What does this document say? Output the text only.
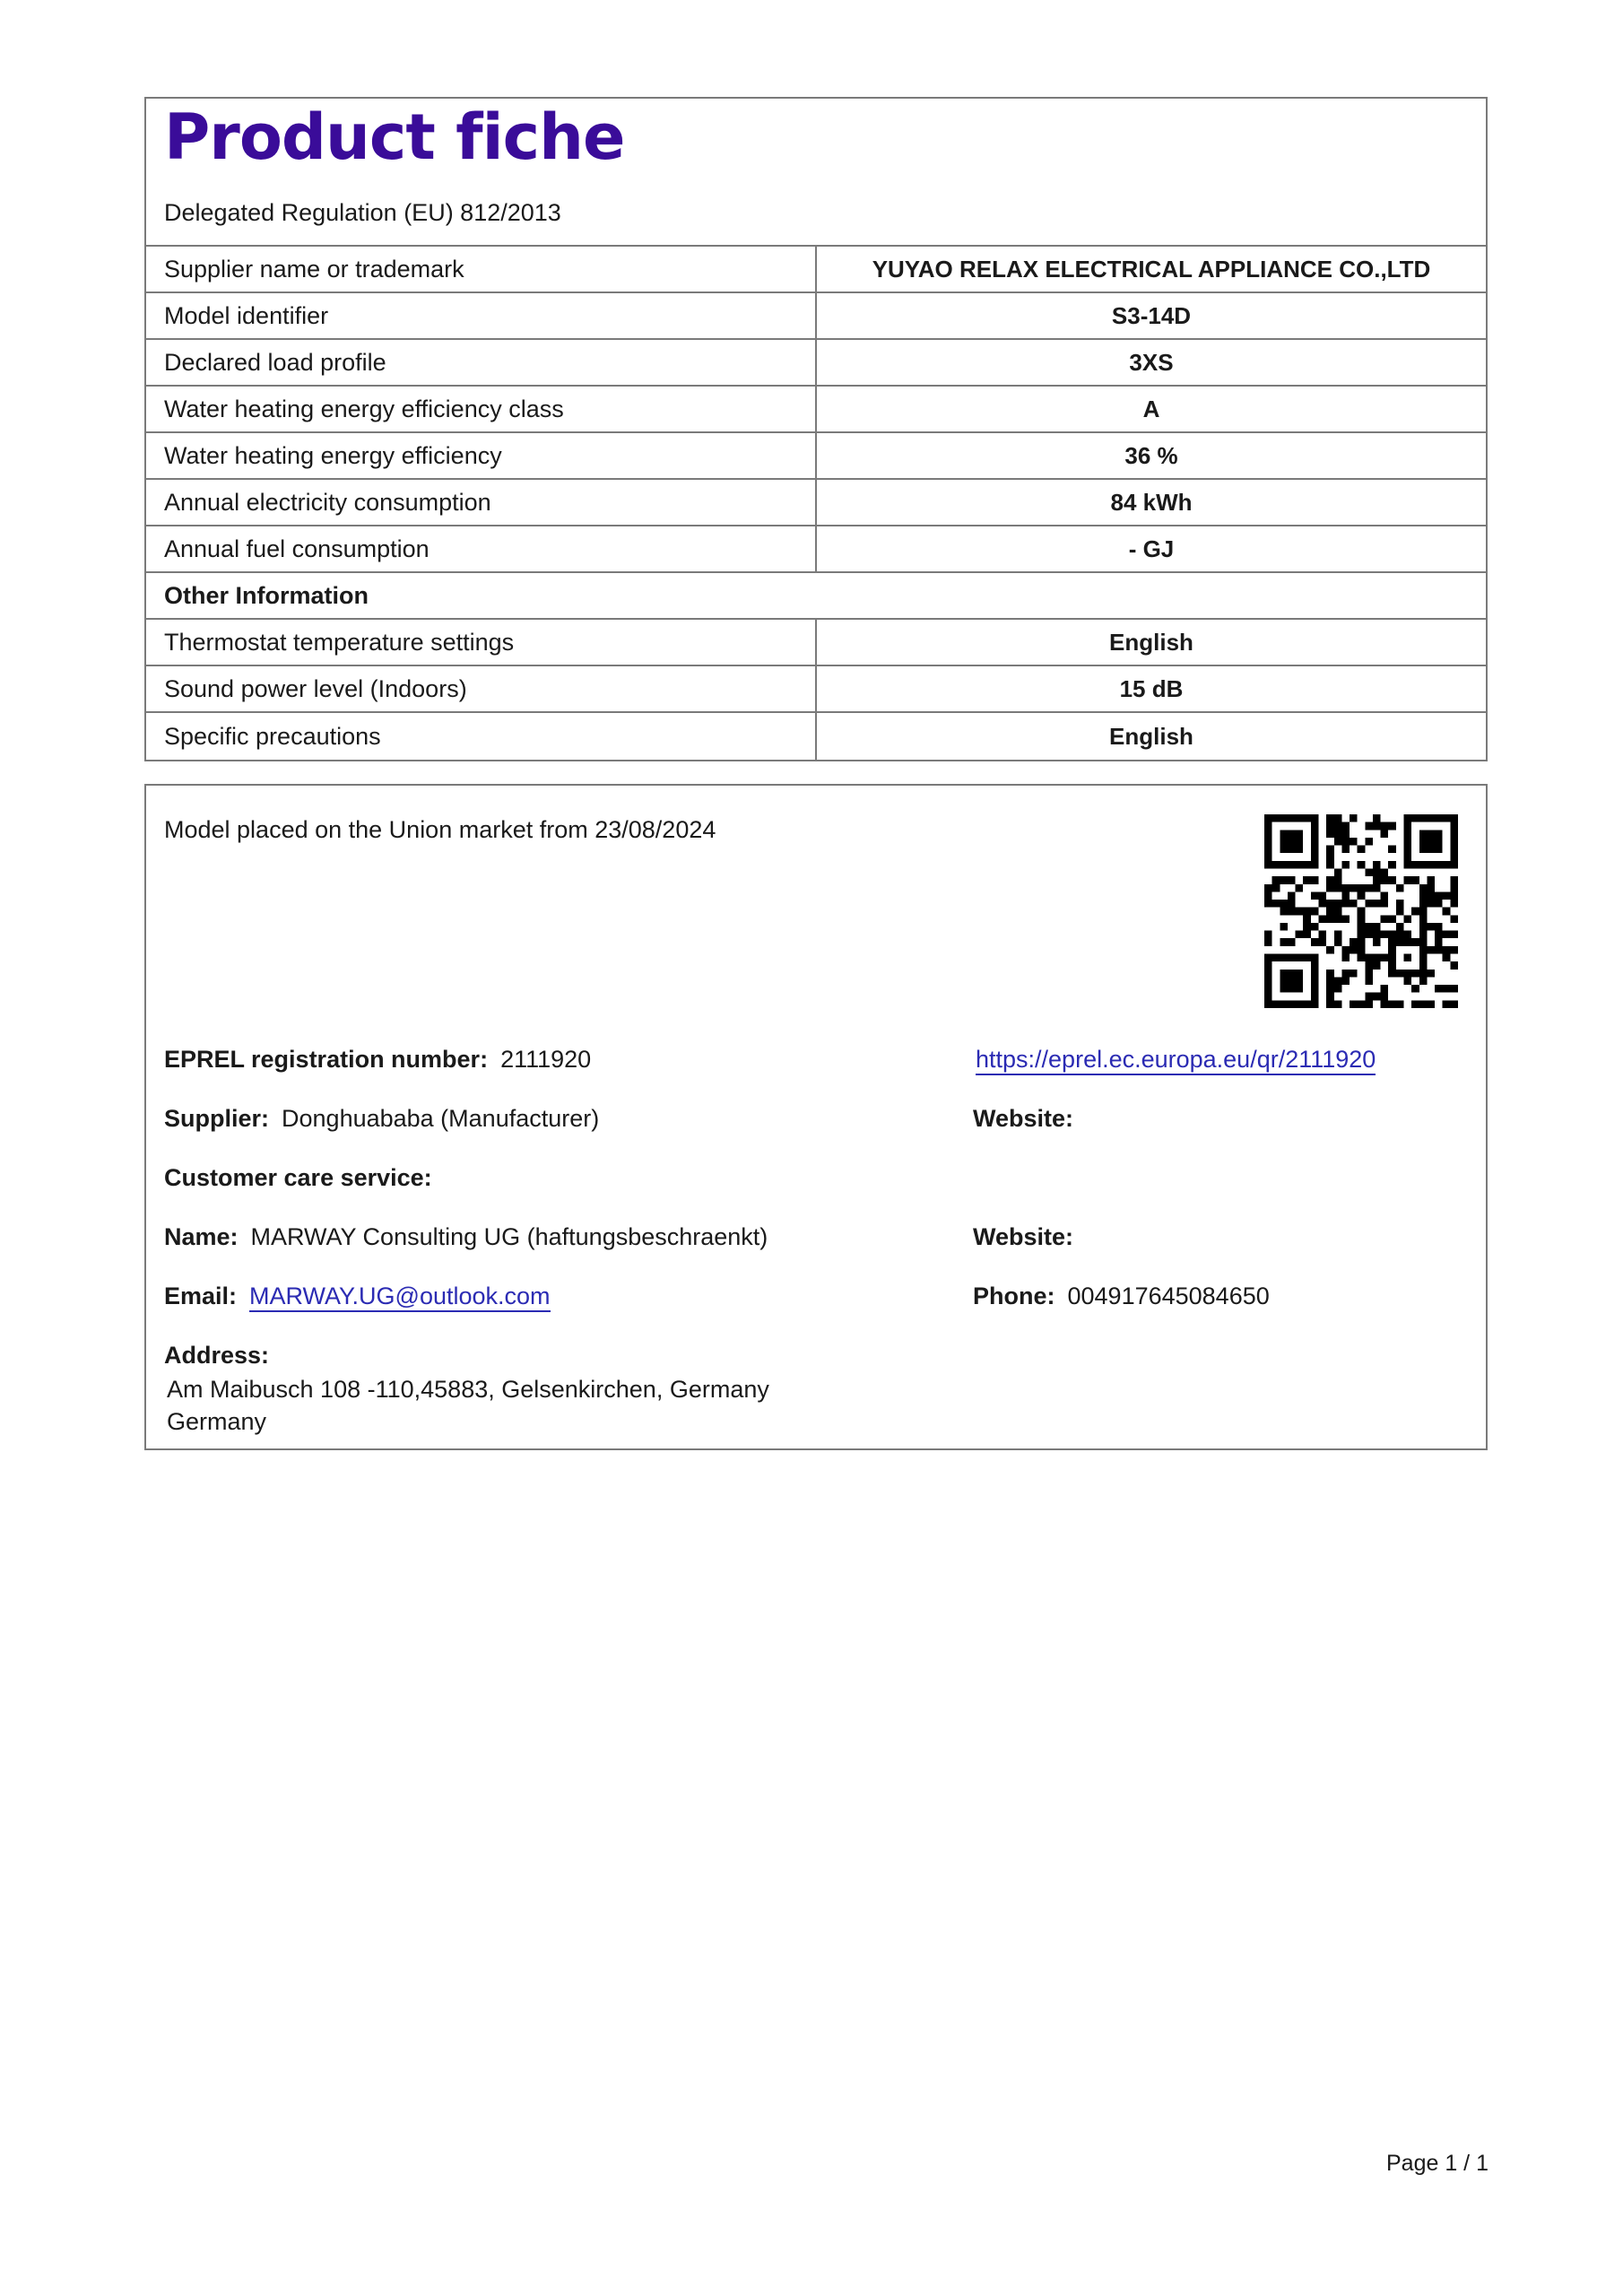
Product fiche
Delegated Regulation (EU) 812/2013
Supplier name or trademark	YUYAO RELAX ELECTRICAL APPLIANCE CO.,LTD
Model identifier	S3-14D
Declared load profile	3XS
Water heating energy efficiency class	A
Water heating energy efficiency	36 %
Annual electricity consumption	84 kWh
Annual fuel consumption	- GJ
Other Information
Thermostat temperature settings	English
Sound power level (Indoors)	15 dB
Specific precautions	English
Model placed on the Union market from 23/08/2024
EPREL registration number: 2111920	https://eprel.ec.europa.eu/qr/2111920
Supplier: Donghuababa (Manufacturer)	Website:
Customer care service:
Name: MARWAY Consulting UG (haftungsbeschraenkt)	Website:
Email: MARWAY.UG@outlook.com	Phone: 004917645084650
Address:
Am Maibusch 108 -110,45883, Gelsenkirchen, Germany
Germany
Page 1 / 1
